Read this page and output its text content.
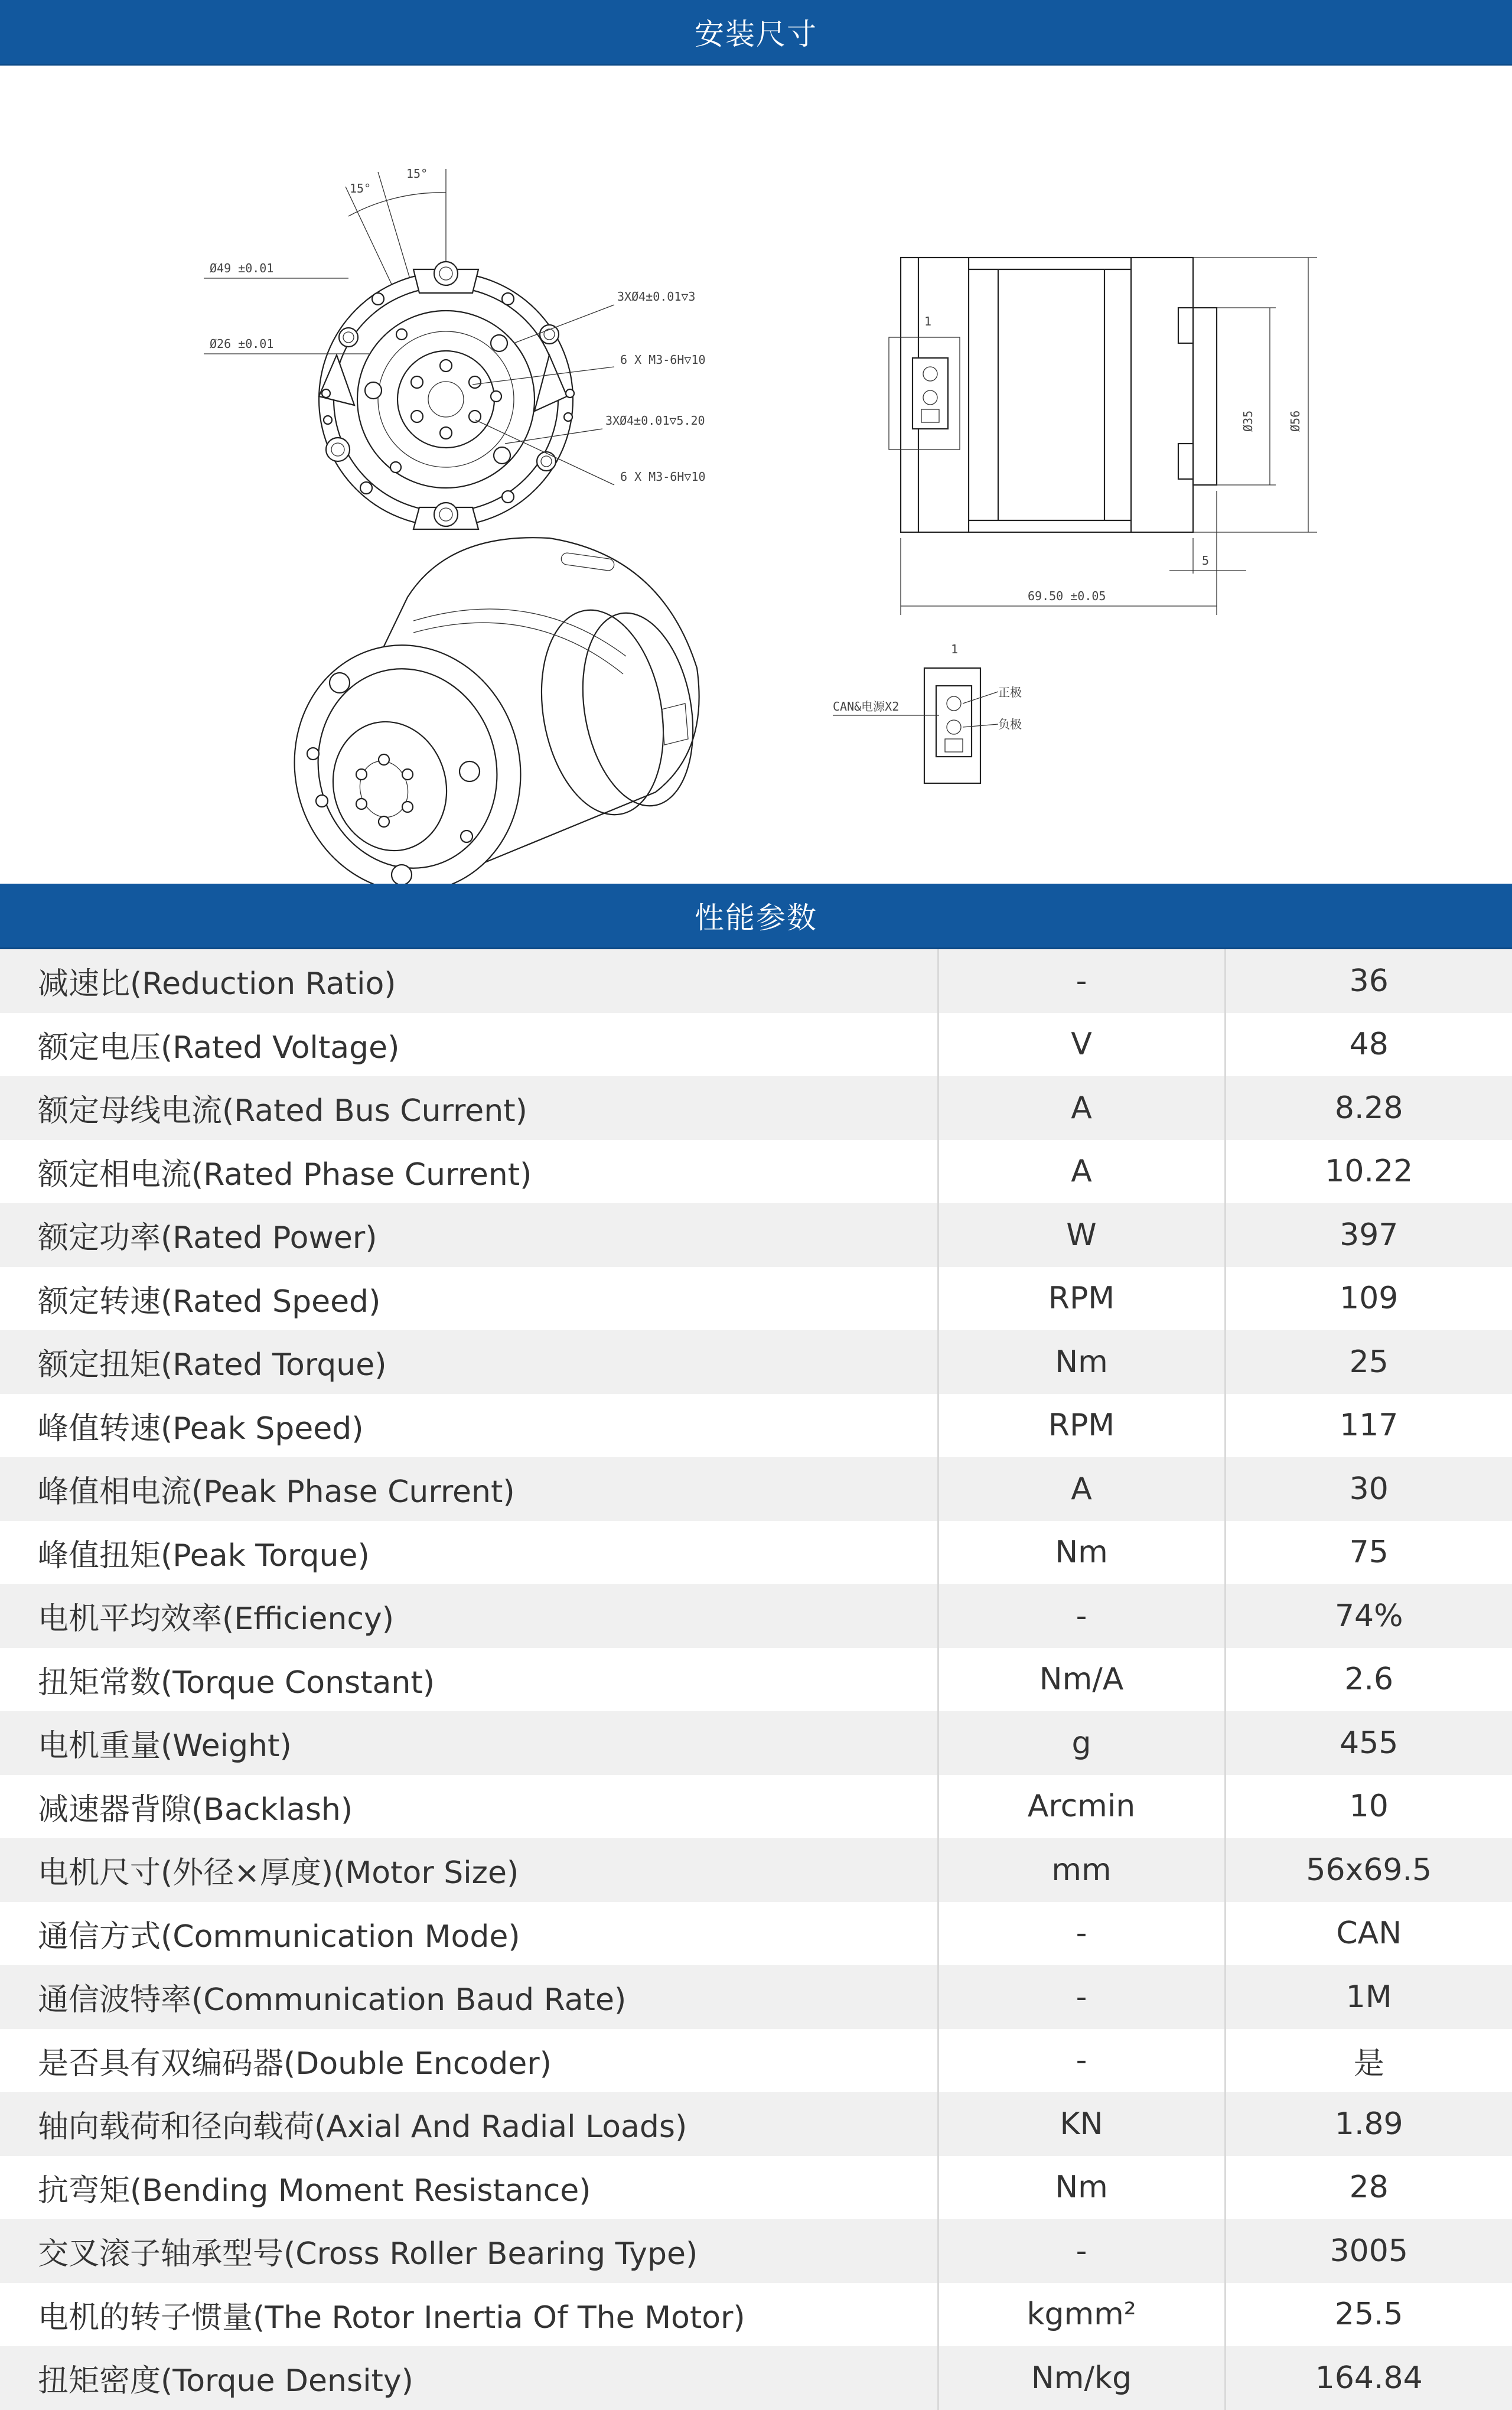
安装尺寸
15°
15°
Ø49 ±0.01
Ø26 ±0.01
3XØ4±0.01▽3
6 X M3-6H▽10
3XØ4±0.01▽5.20
6 X M3-6H▽10
1
Ø35	Ø56
69.50 ±0.05
5
1
CAN&电源X2
正极
负极
性能参数
减速比(Reduction Ratio)	-	36
额定电压(Rated Voltage)	V	48
额定母线电流(Rated Bus Current)	A	8.28
额定相电流(Rated Phase Current)	A	10.22
额定功率(Rated Power)	W	397
额定转速(Rated Speed)	RPM	109
额定扭矩(Rated Torque)	Nm	25
峰值转速(Peak Speed)	RPM	117
峰值相电流(Peak Phase Current)	A	30
峰值扭矩(Peak Torque)	Nm	75
电机平均效率(Efficiency)	-	74%
扭矩常数(Torque Constant)	Nm/A	2.6
电机重量(Weight)	g	455
减速器背隙(Backlash)	Arcmin	10
电机尺寸(外径×厚度)(Motor Size)	mm	56x69.5
通信方式(Communication Mode)	-	CAN
通信波特率(Communication Baud Rate)	-	1M
是否具有双编码器(Double Encoder)	-	是
轴向载荷和径向载荷(Axial And Radial Loads)	KN	1.89
抗弯矩(Bending Moment Resistance)	Nm	28
交叉滚子轴承型号(Cross Roller Bearing Type)	-	3005
电机的转子惯量(The Rotor Inertia Of The Motor)	kgmm²	25.5
扭矩密度(Torque Density)	Nm/kg	164.84
